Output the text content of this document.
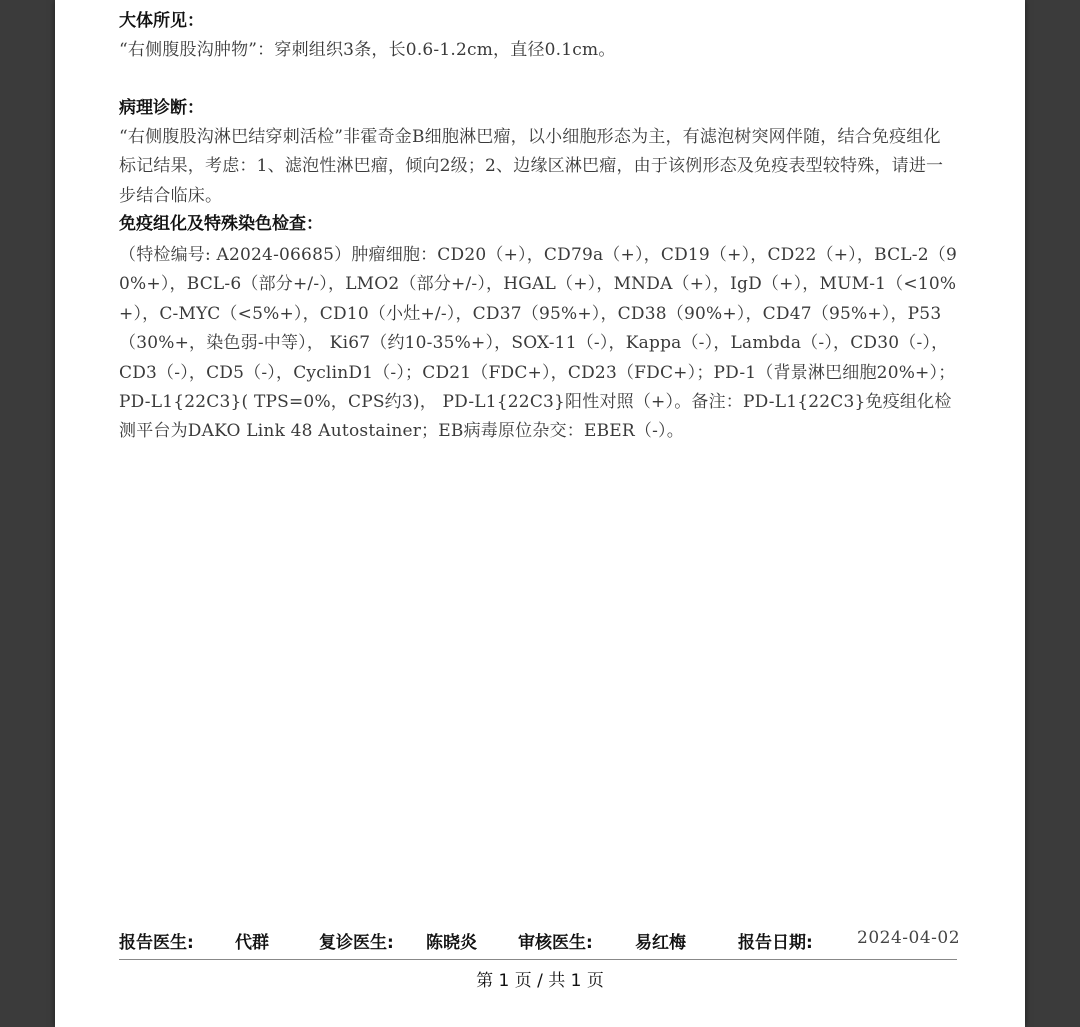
大体所见：
“右侧腹股沟肿物”：穿刺组织3条，长0.6-1.2cm，直径0.1cm。
病理诊断：
“右侧腹股沟淋巴结穿刺活检”非霍奇金B细胞淋巴瘤，以小细胞形态为主，有滤泡树突网伴随，结合免疫组化标记结果，考虑：1、滤泡性淋巴瘤，倾向2级；2、边缘区淋巴瘤，由于该例形态及免疫表型较特殊，请进一步结合临床。
免疫组化及特殊染色检查：
（特检编号: A2024-06685）肿瘤细胞：CD20（+），CD79a（+），CD19（+），CD22（+），BCL-2（90%+），BCL-6（部分+/-），LMO2（部分+/-），HGAL（+），MNDA（+），IgD（+），MUM-1（<10%+），C-MYC（<5%+），CD10（小灶+/-），CD37（95%+），CD38（90%+），CD47（95%+），P53（30%+，染色弱-中等）， Ki67（约10-35%+），SOX-11（-），Kappa（-），Lambda（-），CD30（-），CD3（-），CD5（-），CyclinD1（-）；CD21（FDC+），CD23（FDC+）；PD-1（背景淋巴细胞20%+）；PD-L1{22C3}( TPS=0%，CPS约3)， PD-L1{22C3}阳性对照（+）。备注：PD-L1{22C3}免疫组化检测平台为DAKO Link 48 Autostainer；EB病毒原位杂交：EBER（-）。
报告医生: 代群	复诊医生: 陈晓炎 审核医生: 易红梅	报告日期:	2024-04-02
第 1 页 / 共 1 页
